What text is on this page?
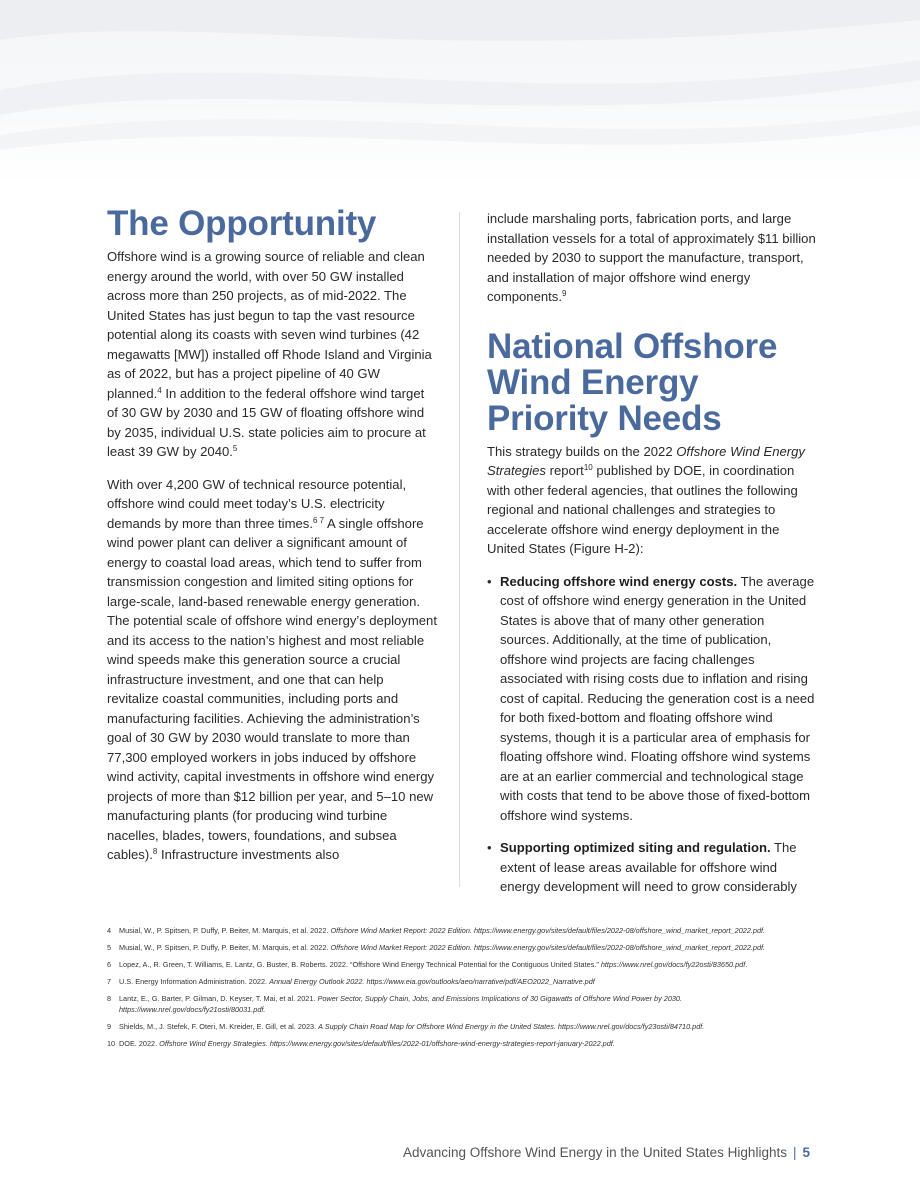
The Opportunity

Offshore wind is a growing source of reliable and clean energy around the world, with over 50 GW installed across more than 250 projects, as of mid-2022. The United States has just begun to tap the vast resource potential along its coasts with seven wind turbines (42 megawatts [MW]) installed off Rhode Island and Virginia as of 2022, but has a project pipeline of 40 GW planned.$^4$ In addition to the federal offshore wind target of 30 GW by 2030 and 15 GW of floating offshore wind by 2035, individual U.S. state policies aim to procure at least 39 GW by 2040.$^5$

With over 4,200 GW of technical resource potential, offshore wind could meet today’s U.S. electricity demands by more than three times.$^{6 7}$ A single offshore wind power plant can deliver a significant amount of energy to coastal load areas, which tend to suffer from transmission congestion and limited siting options for large-scale, land-based renewable energy generation. The potential scale of offshore wind energy’s deployment and its access to the nation’s highest and most reliable wind speeds make this generation source a crucial infrastructure investment, and one that can help revitalize coastal communities, including ports and manufacturing facilities. Achieving the administration’s goal of 30 GW by 2030 would translate to more than 77,300 employed workers in jobs induced by offshore wind activity, capital investments in offshore wind energy projects of more than $12 billion per year, and 5–10 new manufacturing plants (for producing wind turbine nacelles, blades, towers, foundations, and subsea cables).$^8$ Infrastructure investments also

include marshaling ports, fabrication ports, and large installation vessels for a total of approximately $11 billion needed by 2030 to support the manufacture, transport, and installation of major offshore wind energy components.$^9$

National Offshore
Wind Energy
Priority Needs

This strategy builds on the 2022 Offshore Wind Energy Strategies report$^{10}$ published by DOE, in coordination with other federal agencies, that outlines the following regional and national challenges and strategies to accelerate offshore wind energy deployment in the United States (Figure H-2):

• Reducing offshore wind energy costs. The average cost of offshore wind energy generation in the United States is above that of many other generation sources. Additionally, at the time of publication, offshore wind projects are facing challenges associated with rising costs due to inflation and rising cost of capital. Reducing the generation cost is a need for both fixed-bottom and floating offshore wind systems, though it is a particular area of emphasis for floating offshore wind. Floating offshore wind systems are at an earlier commercial and technological stage with costs that tend to be above those of fixed-bottom offshore wind systems.
• Supporting optimized siting and regulation. The extent of lease areas available for offshore wind energy development will need to grow considerably
4 Musial, W., P. Spitsen, P. Duffy, P. Beiter, M. Marquis, et al. 2022. Offshore Wind Market Report: 2022 Edition. https://www.energy.gov/sites/default/files/2022-08/offshore_wind_market_report_2022.pdf.
5 Musial, W., P. Spitsen, P. Duffy, P. Beiter, M. Marquis, et al. 2022. Offshore Wind Market Report: 2022 Edition. https://www.energy.gov/sites/default/files/2022-08/offshore_wind_market_report_2022.pdf.
6 Lopez, A., R. Green, T. Williams, E. Lantz, G. Buster, B. Roberts. 2022. “Offshore Wind Energy Technical Potential for the Contiguous United States.” https://www.nrel.gov/docs/fy22osti/83650.pdf.
7 U.S. Energy Information Administration. 2022. Annual Energy Outlook 2022. https://www.eia.gov/outlooks/aeo/narrative/pdf/AEO2022_Narrative.pdf
8 Lantz, E., G. Barter, P. Gilman, D. Keyser, T. Mai, et al. 2021. Power Sector, Supply Chain, Jobs, and Emissions Implications of 30 Gigawatts of Offshore Wind Power by 2030. https://www.nrel.gov/docs/fy21osti/80031.pdf.
9 Shields, M., J. Stefek, F. Oteri, M. Kreider, E. Gill, et al. 2023. A Supply Chain Road Map for Offshore Wind Energy in the United States. https://www.nrel.gov/docs/fy23osti/84710.pdf.
10 DOE. 2022. Offshore Wind Energy Strategies. https://www.energy.gov/sites/default/files/2022-01/offshore-wind-energy-strategies-report-january-2022.pdf.
Advancing Offshore Wind Energy in the United States Highlights | 5
